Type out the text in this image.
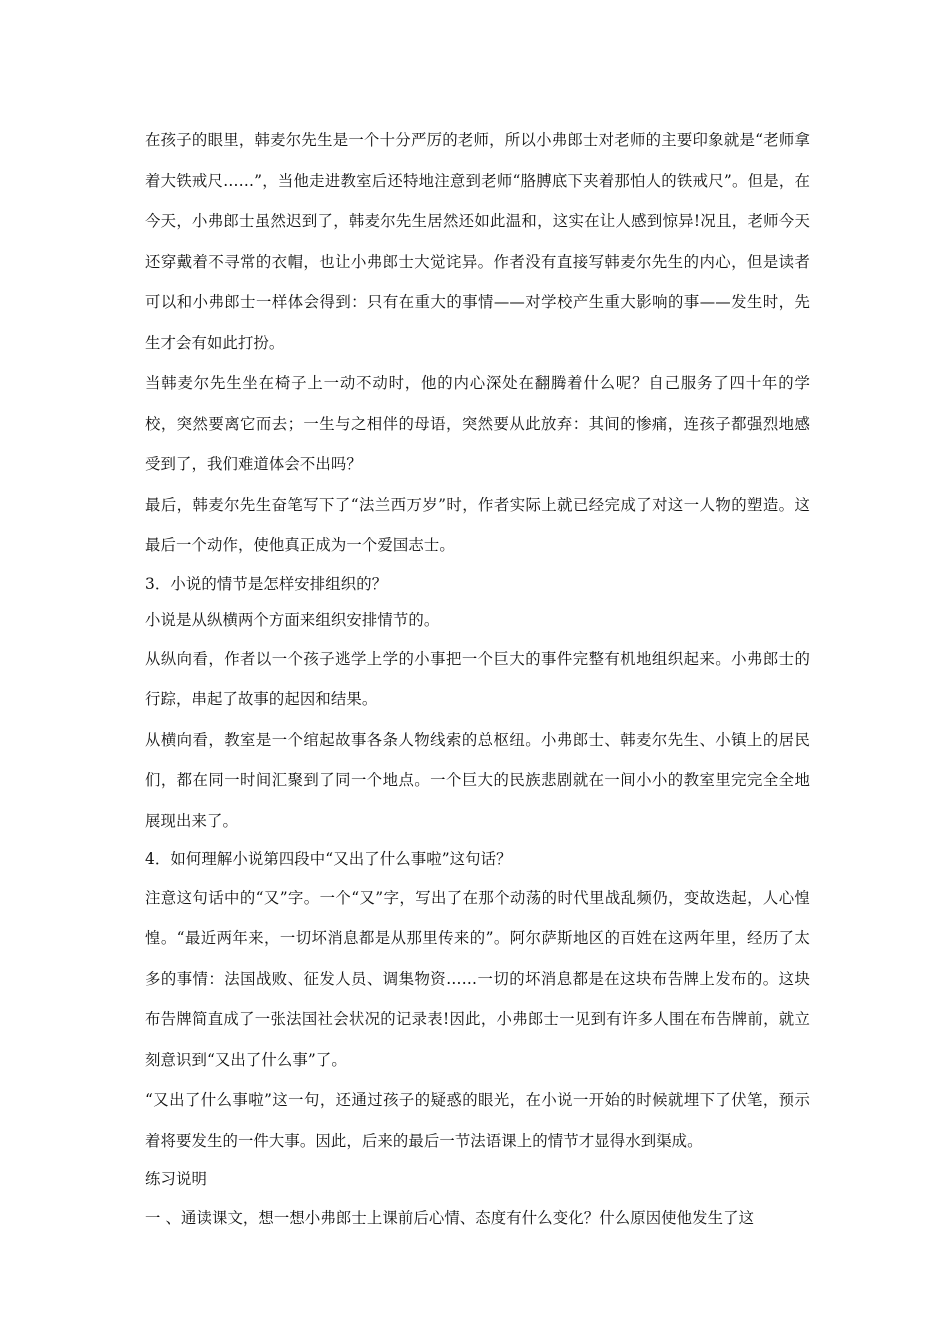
在孩子的眼里，韩麦尔先生是一个十分严厉的老师，所以小弗郎士对老师的主要印象就是“老师拿着大铁戒尺……”，当他走进教室后还特地注意到老师“胳膊底下夹着那怕人的铁戒尺”。但是，在今天，小弗郎士虽然迟到了，韩麦尔先生居然还如此温和，这实在让人感到惊异!况且，老师今天还穿戴着不寻常的衣帽，也让小弗郎士大觉诧异。作者没有直接写韩麦尔先生的内心，但是读者可以和小弗郎士一样体会得到：只有在重大的事情——对学校产生重大影响的事——发生时，先生才会有如此打扮。

当韩麦尔先生坐在椅子上一动不动时，他的内心深处在翻腾着什么呢？自己服务了四十年的学校，突然要离它而去；一生与之相伴的母语，突然要从此放弃：其间的惨痛，连孩子都强烈地感受到了，我们难道体会不出吗？

最后，韩麦尔先生奋笔写下了“法兰西万岁”时，作者实际上就已经完成了对这一人物的塑造。这最后一个动作，使他真正成为一个爱国志士。

3．小说的情节是怎样安排组织的？

小说是从纵横两个方面来组织安排情节的。

从纵向看，作者以一个孩子逃学上学的小事把一个巨大的事件完整有机地组织起来。小弗郎士的行踪，串起了故事的起因和结果。

从横向看，教室是一个绾起故事各条人物线索的总枢纽。小弗郎士、韩麦尔先生、小镇上的居民们，都在同一时间汇聚到了同一个地点。一个巨大的民族悲剧就在一间小小的教室里完完全全地展现出来了。

4．如何理解小说第四段中“又出了什么事啦”这句话？

注意这句话中的“又”字。一个“又”字，写出了在那个动荡的时代里战乱频仍，变故迭起，人心惶惶。“最近两年来，一切坏消息都是从那里传来的”。阿尔萨斯地区的百姓在这两年里，经历了太多的事情：法国战败、征发人员、调集物资……一切的坏消息都是在这块布告牌上发布的。这块布告牌简直成了一张法国社会状况的记录表!因此，小弗郎士一见到有许多人围在布告牌前，就立刻意识到“又出了什么事”了。

“又出了什么事啦”这一句，还通过孩子的疑惑的眼光，在小说一开始的时候就埋下了伏笔，预示着将要发生的一件大事。因此，后来的最后一节法语课上的情节才显得水到渠成。

练习说明

一 、通读课文，想一想小弗郎士上课前后心情、态度有什么变化？什么原因使他发生了这
